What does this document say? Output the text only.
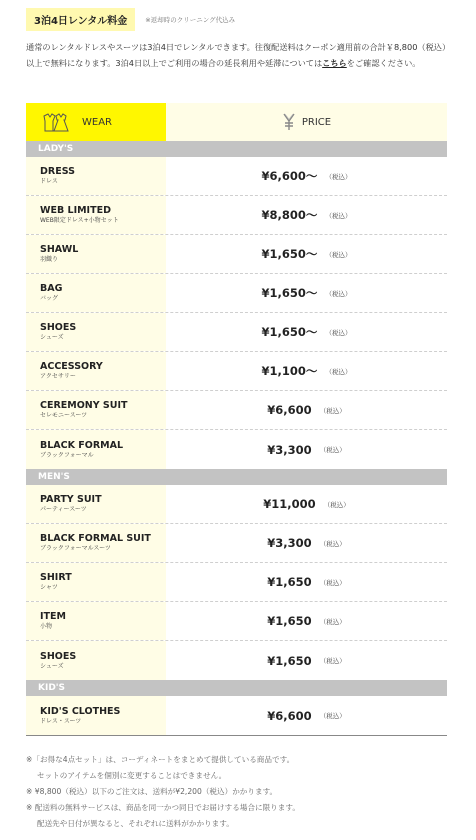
3泊4日レンタル料金	※返却時のクリーニング代込み

通常のレンタルドレスやスーツは3泊4日でレンタルできます。往復配送料はクーポン適用前の合計￥8,800（税込）以上で無料になります。3泊4日以上でご利用の場合の延長利用や延滞についてはこちらをご確認ください。

WEAR	PRICE
LADY'S
DRESS
ドレス	¥6,600〜 （税込）
WEB LIMITED
WEB限定ドレス+小物セット	¥8,800〜 （税込）
SHAWL
羽織り	¥1,650〜 （税込）
BAG
バッグ	¥1,650〜 （税込）
SHOES
シューズ	¥1,650〜 （税込）
ACCESSORY
アクセサリー	¥1,100〜 （税込）
CEREMONY SUIT
セレモニースーツ	¥6,600 （税込）
BLACK FORMAL
ブラックフォーマル	¥3,300 （税込）
MEN'S
PARTY SUIT
パーティースーツ	¥11,000 （税込）
BLACK FORMAL SUIT
ブラックフォーマルスーツ	¥3,300 （税込）
SHIRT
シャツ	¥1,650 （税込）
ITEM
小物	¥1,650 （税込）
SHOES
シューズ	¥1,650 （税込）
KID'S
KID'S CLOTHES
ドレス・スーツ	¥6,600 （税込）
※「お得な4点セット」は、コーディネートをまとめて提供している商品です。
セットのアイテムを個別に変更することはできません。
※ ¥8,800（税込）以下のご注文は、送料が¥2,200（税込）かかります。
※ 配送料の無料サービスは、商品を同一かつ同日でお届けする場合に限ります。
配送先や日付が異なると、それぞれに送料がかかります。
